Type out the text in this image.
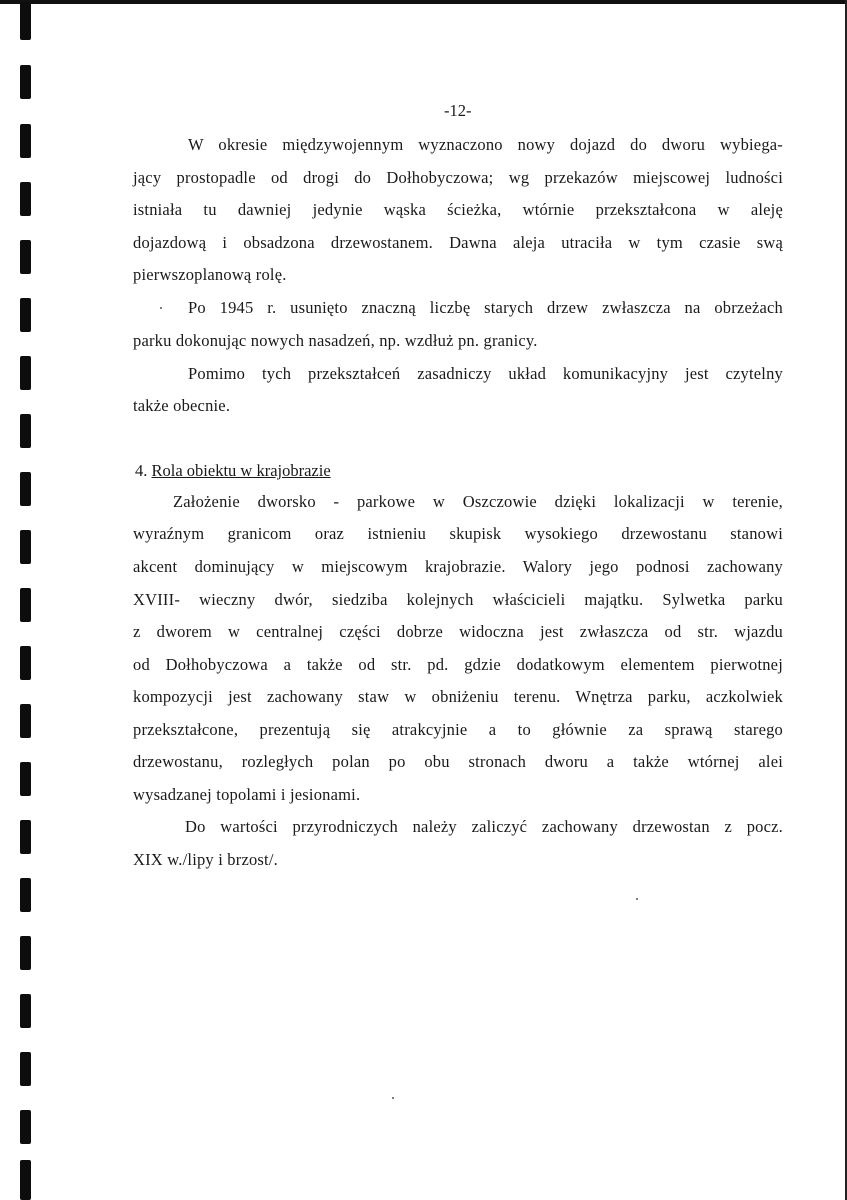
-12-
W okresie międzywojennym wyznaczono nowy dojazd do dworu wybiega-
jący prostopadle od drogi do Dołhobyczowa; wg przekazów miejscowej ludności
istniała tu dawniej jedynie wąska ścieżka, wtórnie przekształcona w aleję
dojazdową i obsadzona drzewostanem. Dawna aleja utraciła w tym czasie swą
pierwszoplanową rolę.
Po 1945 r. usunięto znaczną liczbę starych drzew zwłaszcza na obrzeżach
parku dokonując nowych nasadzeń, np. wzdłuż pn. granicy.
Pomimo tych przekształceń zasadniczy układ komunikacyjny jest czytelny
także obecnie.
Założenie dworsko - parkowe w Oszczowie dzięki lokalizacji w terenie,
wyraźnym granicom oraz istnieniu skupisk wysokiego drzewostanu stanowi
akcent dominujący w miejscowym krajobrazie. Walory jego podnosi zachowany
XVIII- wieczny dwór, siedziba kolejnych właścicieli majątku. Sylwetka parku
z dworem w centralnej części dobrze widoczna jest zwłaszcza od str. wjazdu
od Dołhobyczowa a także od str. pd. gdzie dodatkowym elementem pierwotnej
kompozycji jest zachowany staw w obniżeniu terenu. Wnętrza parku, aczkolwiek
przekształcone, prezentują się atrakcyjnie a to głównie za sprawą starego
drzewostanu, rozległych polan po obu stronach dworu a także wtórnej alei
wysadzanej topolami i jesionami.
Do wartości przyrodniczych należy zaliczyć zachowany drzewostan z pocz.
XIX w./lipy i brzost/.
4. Rola obiektu w krajobrazie
